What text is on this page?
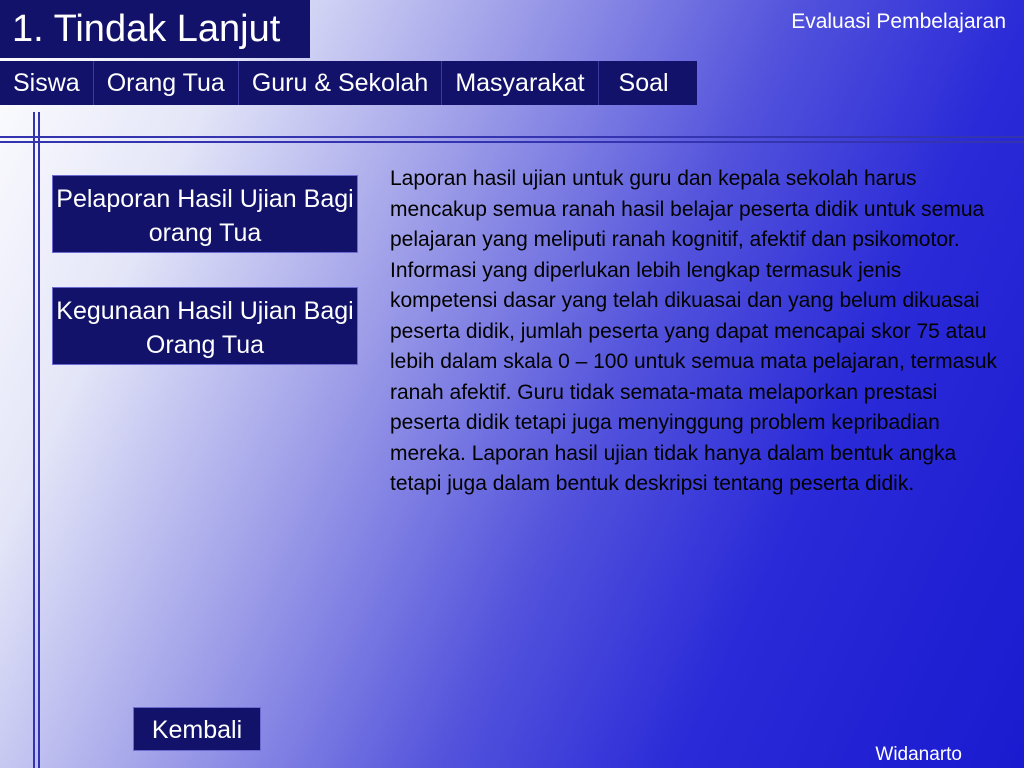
1. Tindak Lanjut	Evaluasi Pembelajaran
Siswa	Orang Tua	Guru & Sekolah	Masyarakat	Soal
Pelaporan Hasil Ujian Bagi orang Tua
Kegunaan Hasil Ujian Bagi Orang Tua
Laporan hasil ujian untuk guru dan kepala sekolah harus mencakup semua ranah hasil belajar peserta didik untuk semua pelajaran yang meliputi ranah kognitif, afektif dan psikomotor. Informasi yang diperlukan lebih lengkap termasuk jenis kompetensi dasar yang telah dikuasai dan yang belum dikuasai peserta didik, jumlah peserta yang dapat mencapai skor 75 atau lebih dalam skala 0 – 100 untuk semua mata pelajaran, termasuk ranah afektif. Guru tidak semata-mata melaporkan prestasi peserta didik tetapi juga menyinggung problem kepribadian mereka. Laporan hasil ujian tidak hanya dalam bentuk angka tetapi juga dalam bentuk deskripsi tentang peserta didik.
Kembali
Widanarto
